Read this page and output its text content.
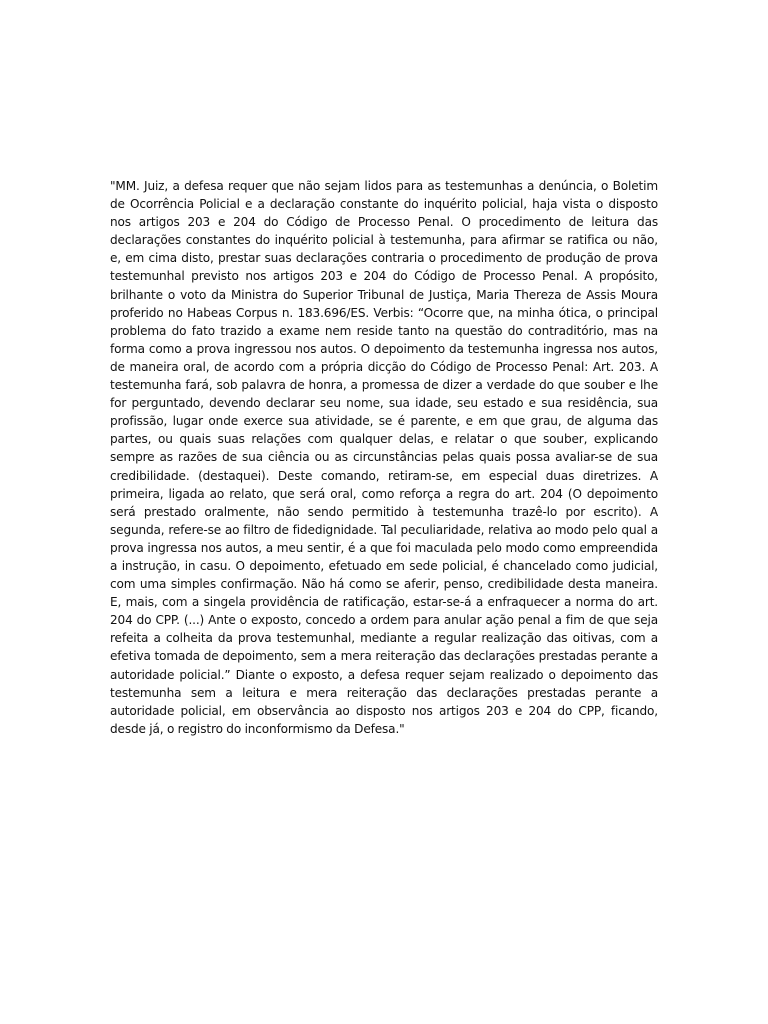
"MM. Juiz, a defesa requer que não sejam lidos para as testemunhas a denúncia, o Boletim de Ocorrência Policial e a declaração constante do inquérito policial, haja vista o disposto nos artigos 203 e 204 do Código de Processo Penal. O procedimento de leitura das declarações constantes do inquérito policial à testemunha, para afirmar se ratifica ou não, e, em cima disto, prestar suas declarações contraria o procedimento de produção de prova testemunhal previsto nos artigos 203 e 204 do Código de Processo Penal. A propósito, brilhante o voto da Ministra do Superior Tribunal de Justiça, Maria Thereza de Assis Moura proferido no Habeas Corpus n. 183.696/ES. Verbis: “Ocorre que, na minha ótica, o principal problema do fato trazido a exame nem reside tanto na questão do contraditório, mas na forma como a prova ingressou nos autos. O depoimento da testemunha ingressa nos autos, de maneira oral, de acordo com a própria dicção do Código de Processo Penal: Art. 203. A testemunha fará, sob palavra de honra, a promessa de dizer a verdade do que souber e lhe for perguntado, devendo declarar seu nome, sua idade, seu estado e sua residência, sua profissão, lugar onde exerce sua atividade, se é parente, e em que grau, de alguma das partes, ou quais suas relações com qualquer delas, e relatar o que souber, explicando sempre as razões de sua ciência ou as circunstâncias pelas quais possa avaliar-se de sua credibilidade. (destaquei). Deste comando, retiram-se, em especial duas diretrizes. A primeira, ligada ao relato, que será oral, como reforça a regra do art. 204 (O depoimento será prestado oralmente, não sendo permitido à testemunha trazê-lo por escrito). A segunda, refere-se ao filtro de fidedignidade. Tal peculiaridade, relativa ao modo pelo qual a prova ingressa nos autos, a meu sentir, é a que foi maculada pelo modo como empreendida a instrução, in casu. O depoimento, efetuado em sede policial, é chancelado como judicial, com uma simples confirmação. Não há como se aferir, penso, credibilidade desta maneira. E, mais, com a singela providência de ratificação, estar-se-á a enfraquecer a norma do art. 204 do CPP. (...) Ante o exposto, concedo a ordem para anular ação penal a fim de que seja refeita a colheita da prova testemunhal, mediante a regular realização das oitivas, com a efetiva tomada de depoimento, sem a mera reiteração das declarações prestadas perante a autoridade policial.” Diante o exposto, a defesa requer sejam realizado o depoimento das testemunha sem a leitura e mera reiteração das declarações prestadas perante a autoridade policial, em observância ao disposto nos artigos 203 e 204 do CPP, ficando, desde já, o registro do inconformismo da Defesa."
